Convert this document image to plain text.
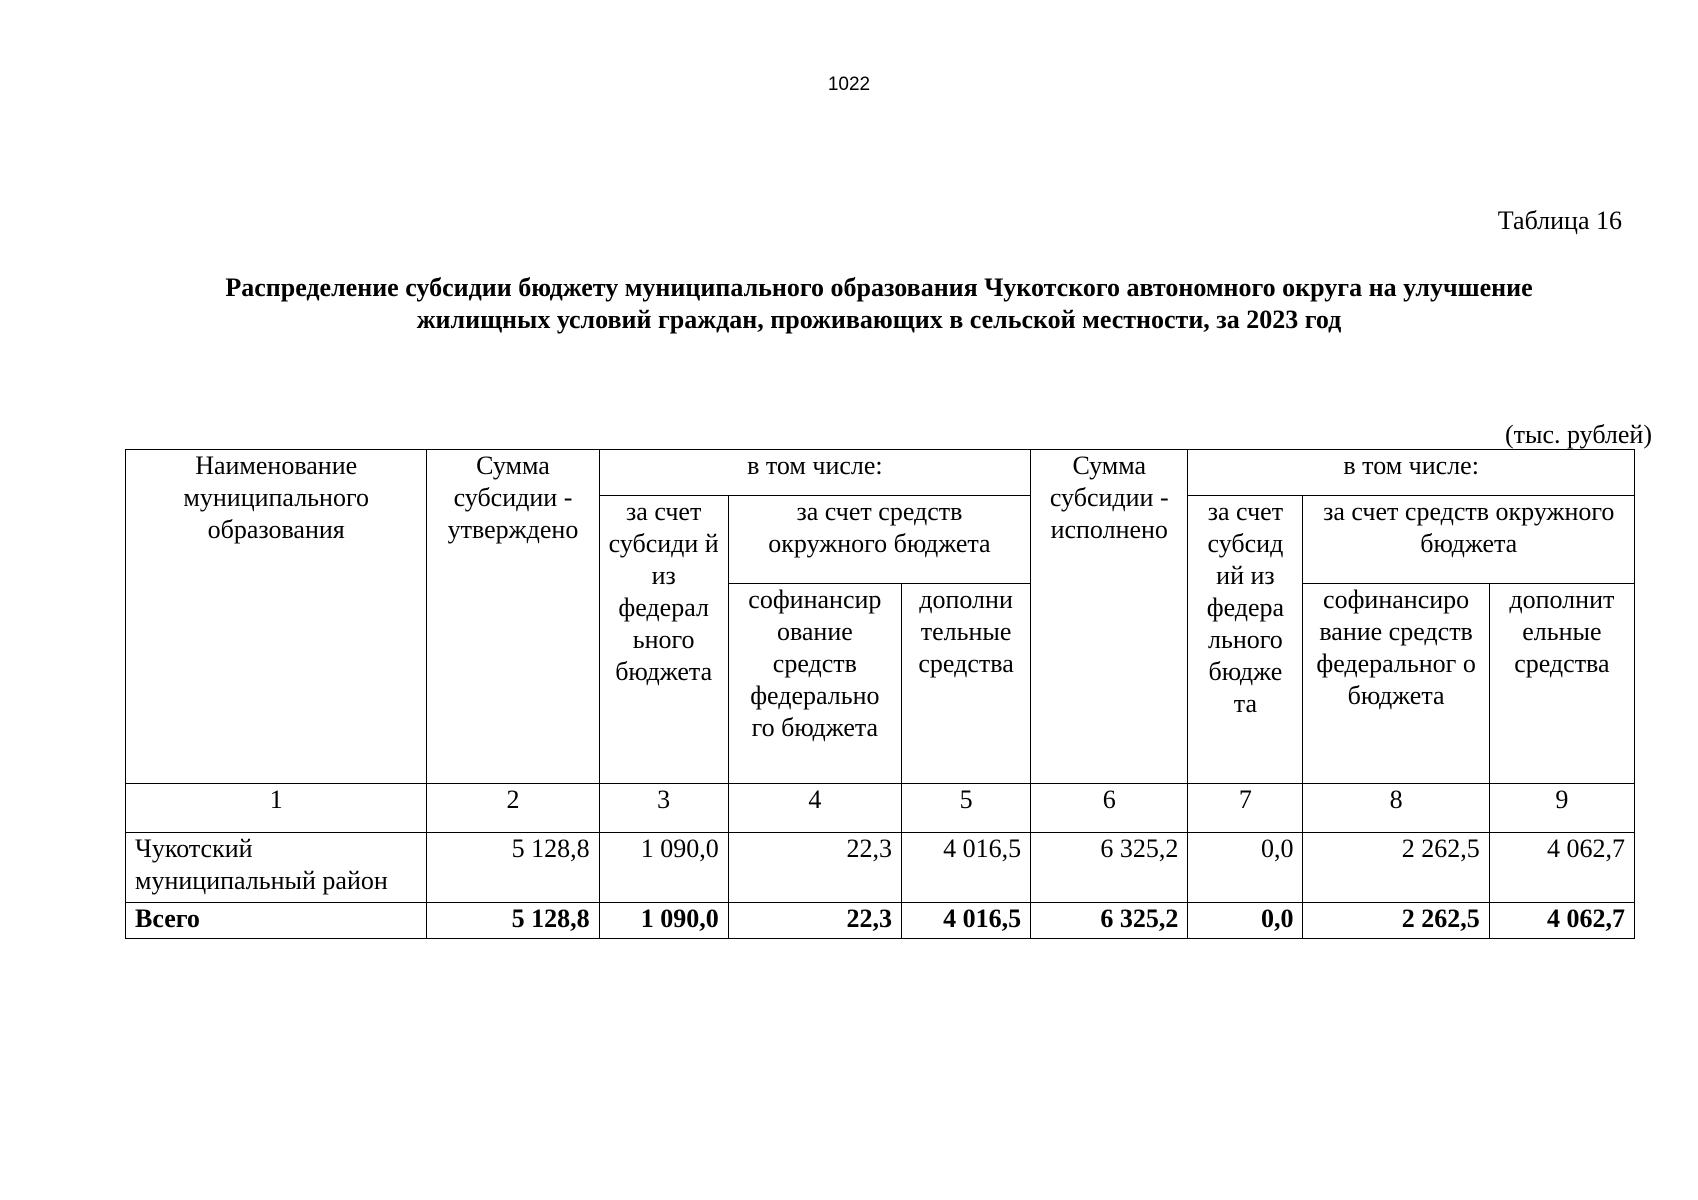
1022
Таблица 16
Распределение субсидии бюджету муниципального образования Чукотского автономного округа на улучшение
жилищных условий граждан, проживающих в сельской местности, за 2023 год
(тыс. рублей)
Наименование муниципального образования	Сумма субсидии - утверждено	в том числе:			Сумма субсидии - исполнено	в том числе:		
		за счет субсиди й из федерал ьного бюджета	за счет средств окружного бюджета			за счет субсид ий из федера льного бюдже та	за счет средств окружного бюджета	
			софинансир ование средств федерально го бюджета	дополни тельные средства			софинансиро вание средств федеральног о бюджета	дополнит ельные средства
1	2	3	4	5	6	7	8	9
Чукотский муниципальный район	5 128,8	1 090,0	22,3	4 016,5	6 325,2	0,0	2 262,5	4 062,7
Всего	5 128,8	1 090,0	22,3	4 016,5	6 325,2	0,0	2 262,5	4 062,7
